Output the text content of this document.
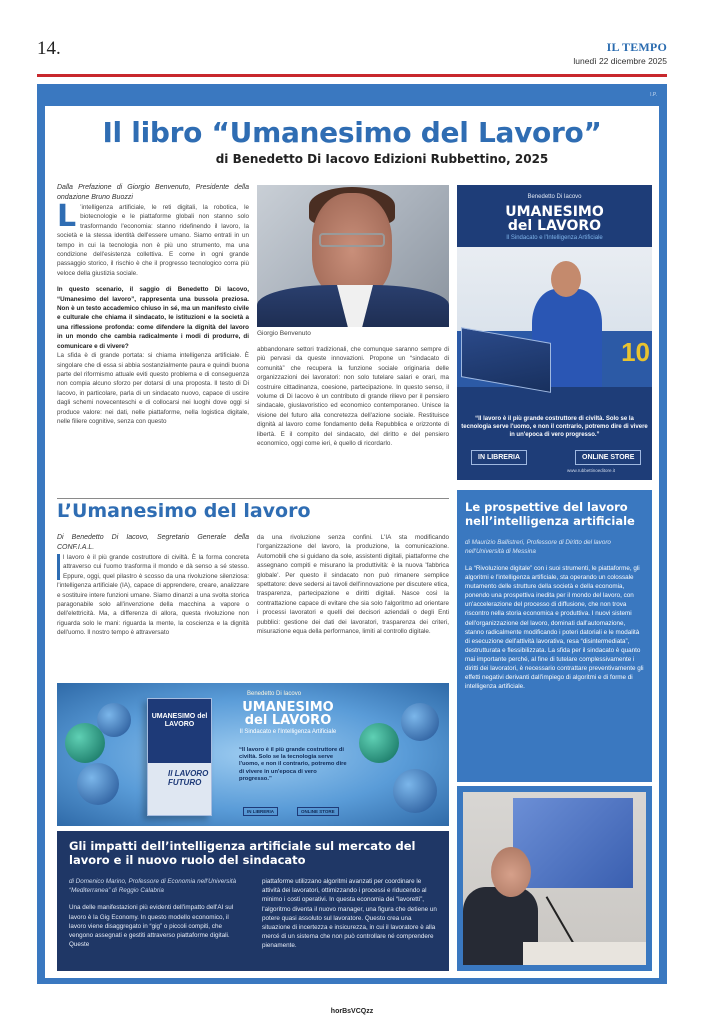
14.	IL TEMPO
lunedì 22 dicembre 2025
I.P.
Il libro “Umanesimo del Lavoro”
di Benedetto Di Iacovo Edizioni Rubbettino, 2025

Dalla Prefazione di Giorgio Benvenuto, Presidente della ondazione Bruno Buozzi

L ’intelligenza artificiale, le reti digitali, la robotica, le biotecnologie e le piattaforme globali non stanno solo trasformando l'economia: stanno ridefinendo il lavoro, la società e la stessa identità dell'essere umano. Siamo entrati in un tempo in cui la tecnologia non è più uno strumento, ma una condizione dell'esistenza collettiva. E come in ogni grande passaggio storico, il rischio è che il progresso tecnologico corra più veloce della giustizia sociale.

In questo scenario, il saggio di Benedetto Di Iacovo, “Umanesimo del lavoro”, rappresenta una bussola preziosa. Non è un testo accademico chiuso in sé, ma un manifesto civile e culturale che chiama il sindacato, le istituzioni e la società a una riflessione profonda: come difendere la dignità del lavoro in un mondo che cambia radicalmente i modi di produrre, di comunicare e di vivere?

La sfida è di grande portata: si chiama intelligenza artificiale. È singolare che di essa si abbia sostanzialmente paura e quindi buona parte del riformismo attuale eviti questo problema e di conseguenza non compia alcuno sforzo per dotarsi di una proposta. Il testo di Di Iacovo, in particolare, parla di un sindacato nuovo, capace di uscire dagli schemi novecenteschi e di collocarsi nei luoghi dove oggi si produce valore: nei dati, nelle piattaforme, nella logistica digitale, nelle filiere cognitive, senza con questo

Giorgio Benvenuto

abbandonare settori tradizionali, che comunque saranno sempre di più pervasi da queste innovazioni. Propone un “sindacato di comunità” che recupera la funzione sociale originaria delle organizzazioni dei lavoratori: non solo tutelare salari e orari, ma costruire cittadinanza, coesione, partecipazione. In questo senso, il volume di Di Iacovo è un contributo di grande rilievo per il pensiero sindacale, giuslavoristico ed economico contemporaneo. Unisce la visione del futuro alla concretezza dell'azione sociale. Restituisce dignità al lavoro come fondamento della Repubblica e orizzonte di libertà. E il compito del sindacato, del diritto e del pensiero economico, oggi come ieri, è quello di ricordarlo.

Benedetto Di Iacovo
UMANESIMO
del LAVORO
Il Sindacato e l'Intelligenza Artificiale
10
“Il lavoro è il più grande costruttore di civiltà. Solo se la tecnologia serve l'uomo, e non il contrario, potremo dire di vivere in un'epoca di vero progresso.”
IN LIBRERIA	ONLINE STORE
www.rubbettinoeditore.it
L’Umanesimo del lavoro

Di Benedetto Di Iacovo, Segretario Generale della CONF.I.A.L.

l lavoro è il più grande costruttore di civiltà. È la forma concreta attraverso cui l'uomo trasforma il mondo e dà senso a sé stesso. Eppure, oggi, quel pilastro è scosso da una rivoluzione silenziosa: l'intelligenza artificiale (IA), capace di apprendere, creare, analizzare e sostituire intere funzioni umane. Siamo dinanzi a una svolta storica paragonabile solo all'invenzione della macchina a vapore o dell'elettricità. Ma, a differenza di allora, questa rivoluzione non riguarda solo le mani: riguarda la mente, la coscienza e la dignità dell'uomo. Il nostro tempo è attraversato

da una rivoluzione senza confini. L'IA sta modificando l'organizzazione del lavoro, la produzione, la comunicazione. Automobili che si guidano da sole, assistenti digitali, piattaforme che assegnano compiti e misurano la produttività: è la nuova 'fabbrica globale'. Per questo il sindacato non può rimanere semplice spettatore: deve sedersi ai tavoli dell'innovazione per discutere etica, trasparenza, partecipazione e diritti digitali. Nasce così la contrattazione capace di evitare che sia solo l'algoritmo ad orientare i processi lavoratori e quelli dei decisori aziendali o degli Enti pubblici: gestione dei dati dei lavoratori, trasparenza dei criteri, misurazione equa della performance, limiti al controllo digitale.

Le prospettive del lavoro nell’intelligenza artificiale
di Maurizio Ballistreri, Professore di Diritto del lavoro nell'Università di Messina
La “Rivoluzione digitale” con i suoi strumenti, le piattaforme, gli algoritmi e l'intelligenza artificiale, sta operando un colossale mutamento delle strutture della società e della economia, ponendo una prospettiva inedita per il mondo del lavoro, con un'accelerazione del processo di diffusione, che non trova riscontro nella storia economica e produttiva. I nuovi sistemi dell'organizzazione del lavoro, dominati dall'automazione, stanno radicalmente modificando i poteri datoriali e le modalità di esecuzione dell'attività lavorativa, resa “disintermediata”, destrutturata e flessibilizzata. La sfida per il sindacato è quanto mai importante perché, al fine di tutelare complessivamente i diritti dei lavoratori, è necessario contrattare preventivamente gli effetti negativi derivanti dall'impiego di algoritmi e di forme di intelligenza artificiale.
UMANESIMO del LAVORO
Il LAVORO FUTURO
Benedetto Di Iacovo
UMANESIMO
del LAVORO
Il Sindacato e l'Intelligenza Artificiale
“Il lavoro è il più grande costruttore di civiltà. Solo se la tecnologia serve l'uomo, e non il contrario, potremo dire di vivere in un'epoca di vero progresso.”
IN LIBRERIA	ONLINE STORE
Gli impatti dell’intelligenza artificiale sul mercato del lavoro e il nuovo ruolo del sindacato

di Domenico Marino, Professore di Economia nell'Università “Mediterranea” di Reggio Calabria

Una delle manifestazioni più evidenti dell'impatto dell'AI sul lavoro è la Gig Economy. In questo modello economico, il lavoro viene disaggregato in “gig” o piccoli compiti, che vengono assegnati e gestiti attraverso piattaforme digitali. Queste

piattaforme utilizzano algoritmi avanzati per coordinare le attività dei lavoratori, ottimizzando i processi e riducendo al minimo i costi operativi. In questa economia dei “lavoretti”, l'algoritmo diventa il nuovo manager, una figura che detiene un potere quasi assoluto sul lavoratore. Questo crea una situazione di incertezza e insicurezza, in cui il lavoratore è alla mercé di un sistema che non può controllare né comprendere pienamente.
horBsVCQzz
